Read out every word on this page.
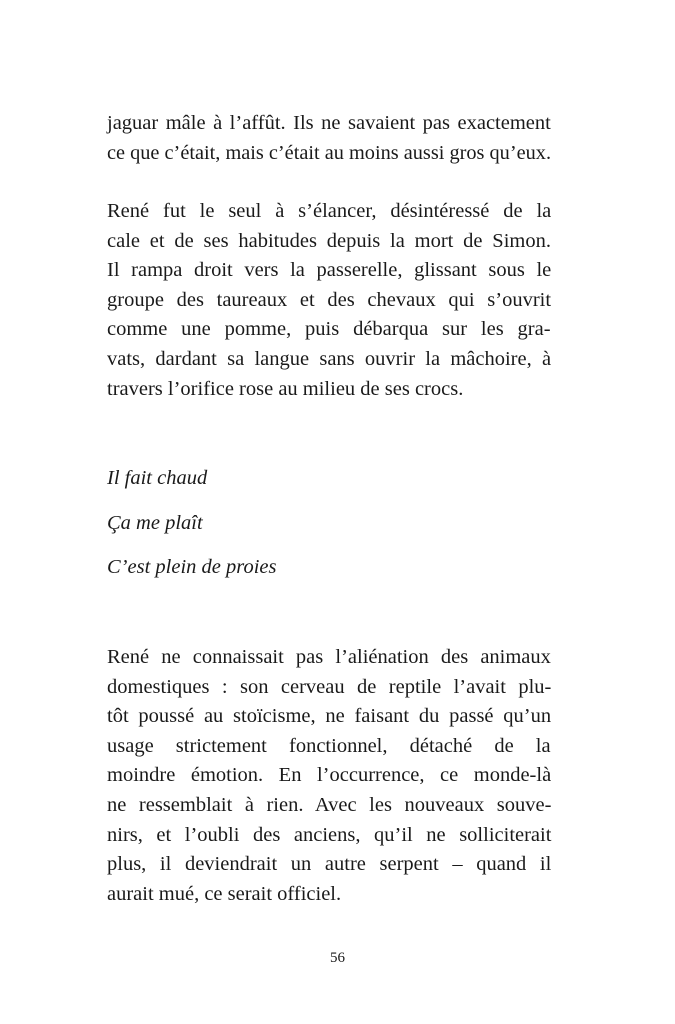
jaguar mâle à l’affût. Ils ne savaient pas exactement
ce que c’était, mais c’était au moins aussi gros qu’eux.
René fut le seul à s’élancer, désintéressé de la
cale et de ses habitudes depuis la mort de Simon.
Il rampa droit vers la passerelle, glissant sous le
groupe des taureaux et des chevaux qui s’ouvrit
comme une pomme, puis débarqua sur les gra-
vats, dardant sa langue sans ouvrir la mâchoire, à
travers l’orifice rose au milieu de ses crocs.
Il fait chaud
Ça me plaît
C’est plein de proies
René ne connaissait pas l’aliénation des animaux
domestiques : son cerveau de reptile l’avait plu-
tôt poussé au stoïcisme, ne faisant du passé qu’un
usage strictement fonctionnel, détaché de la
moindre émotion. En l’occurrence, ce monde-là
ne ressemblait à rien. Avec les nouveaux souve-
nirs, et l’oubli des anciens, qu’il ne solliciterait
plus, il deviendrait un autre serpent – quand il
aurait mué, ce serait officiel.
56
